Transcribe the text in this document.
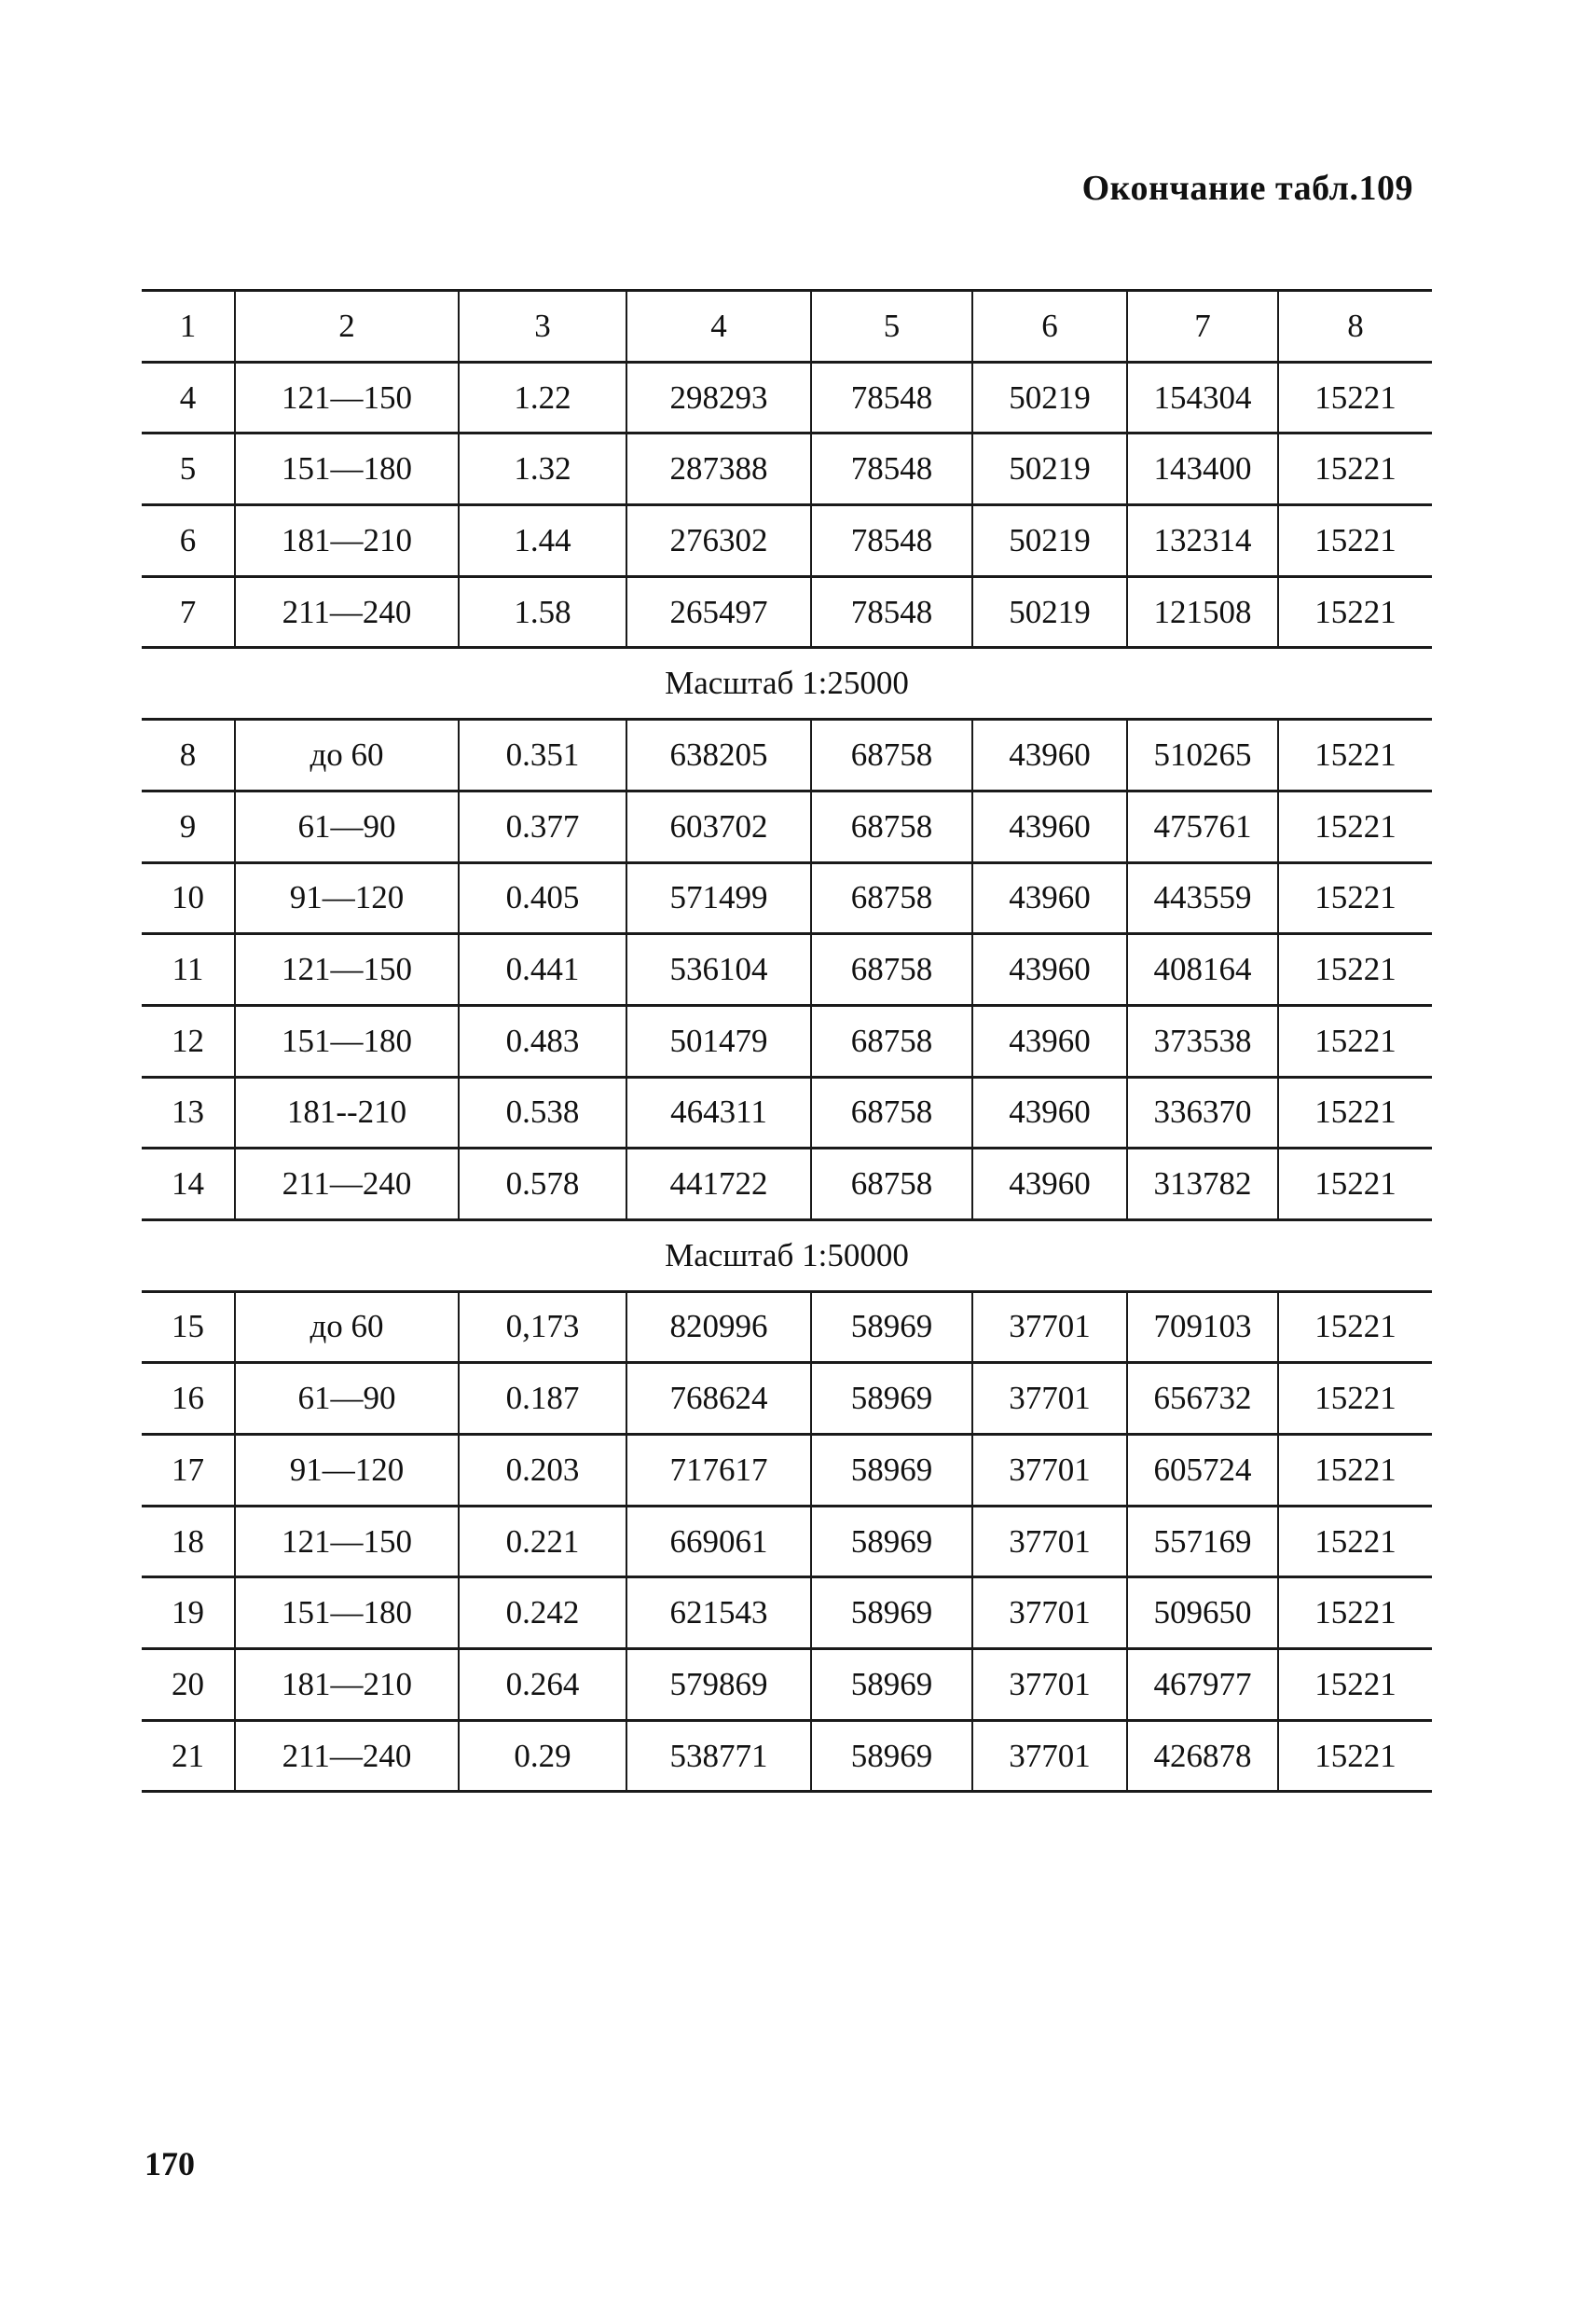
Окончание табл.109
1	2	3	4	5	6	7	8
4	121—150	1.22	298293	78548	50219	154304	15221
5	151—180	1.32	287388	78548	50219	143400	15221
6	181—210	1.44	276302	78548	50219	132314	15221
7	211—240	1.58	265497	78548	50219	121508	15221
Масштаб 1:25000							
8	до 60	0.351	638205	68758	43960	510265	15221
9	61—90	0.377	603702	68758	43960	475761	15221
10	91—120	0.405	571499	68758	43960	443559	15221
11	121—150	0.441	536104	68758	43960	408164	15221
12	151—180	0.483	501479	68758	43960	373538	15221
13	181--210	0.538	464311	68758	43960	336370	15221
14	211—240	0.578	441722	68758	43960	313782	15221
Масштаб 1:50000							
15	до 60	0,173	820996	58969	37701	709103	15221
16	61—90	0.187	768624	58969	37701	656732	15221
17	91—120	0.203	717617	58969	37701	605724	15221
18	121—150	0.221	669061	58969	37701	557169	15221
19	151—180	0.242	621543	58969	37701	509650	15221
20	181—210	0.264	579869	58969	37701	467977	15221
21	211—240	0.29	538771	58969	37701	426878	15221
170
